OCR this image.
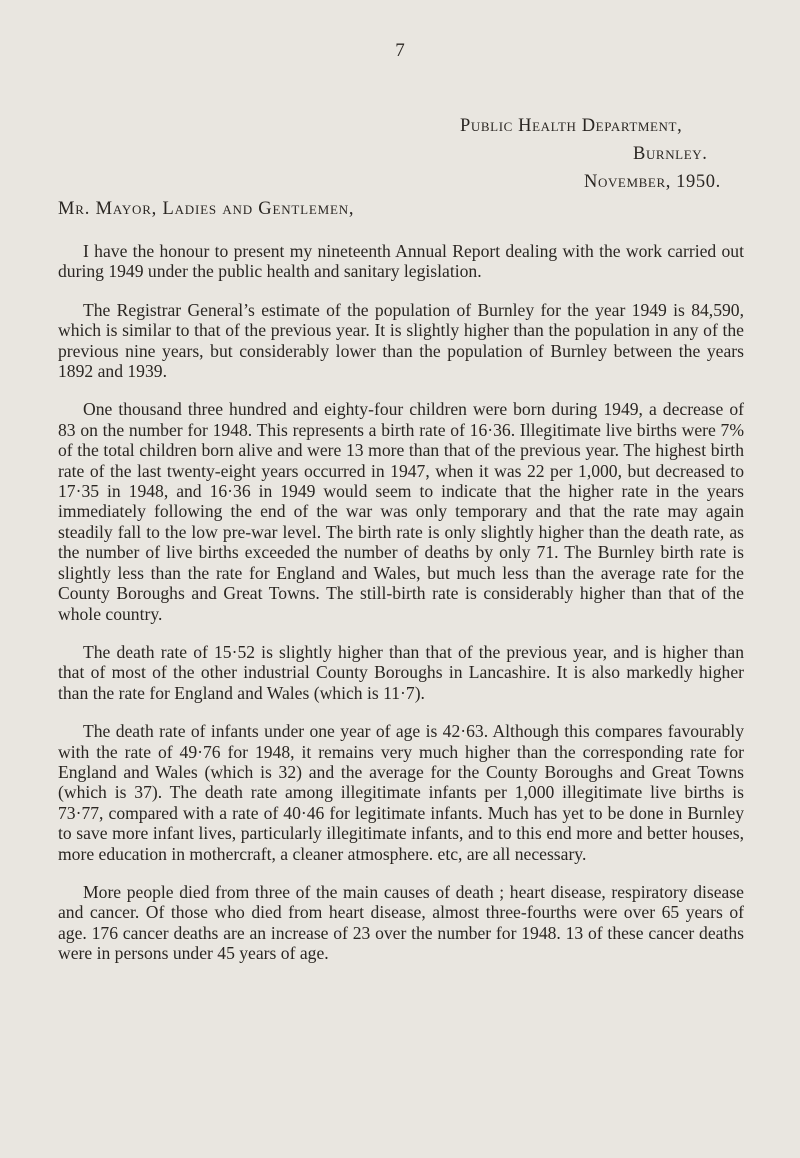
7
Public Health Department,
Burnley.
November, 1950.
Mr. Mayor, Ladies and Gentlemen,

I have the honour to present my nineteenth Annual Report dealing with the work carried out during 1949 under the public health and sanitary legislation.

The Registrar General’s estimate of the population of Burnley for the year 1949 is 84,590, which is similar to that of the previous year. It is slightly higher than the population in any of the previous nine years, but considerably lower than the population of Burnley between the years 1892 and 1939.

One thousand three hundred and eighty-four children were born during 1949, a decrease of 83 on the number for 1948. This represents a birth rate of 16·36. Illegitimate live births were 7% of the total children born alive and were 13 more than that of the previous year. The highest birth rate of the last twenty-eight years occurred in 1947, when it was 22 per 1,000, but decreased to 17·35 in 1948, and 16·36 in 1949 would seem to indicate that the higher rate in the years immediately following the end of the war was only temporary and that the rate may again steadily fall to the low pre-war level. The birth rate is only slightly higher than the death rate, as the number of live births exceeded the number of deaths by only 71. The Burnley birth rate is slightly less than the rate for England and Wales, but much less than the average rate for the County Boroughs and Great Towns. The still-birth rate is considerably higher than that of the whole country.

The death rate of 15·52 is slightly higher than that of the previous year, and is higher than that of most of the other industrial County Boroughs in Lancashire. It is also markedly higher than the rate for England and Wales (which is 11·7).

The death rate of infants under one year of age is 42·63. Although this compares favourably with the rate of 49·76 for 1948, it remains very much higher than the corresponding rate for England and Wales (which is 32) and the average for the County Boroughs and Great Towns (which is 37). The death rate among illegitimate infants per 1,000 illegitimate live births is 73·77, compared with a rate of 40·46 for legitimate infants. Much has yet to be done in Burnley to save more infant lives, particularly illegitimate infants, and to this end more and better houses, more education in mothercraft, a cleaner atmosphere. etc, are all necessary.

More people died from three of the main causes of death ; heart disease, respiratory disease and cancer. Of those who died from heart disease, almost three-fourths were over 65 years of age. 176 cancer deaths are an increase of 23 over the number for 1948. 13 of these cancer deaths were in persons under 45 years of age.
